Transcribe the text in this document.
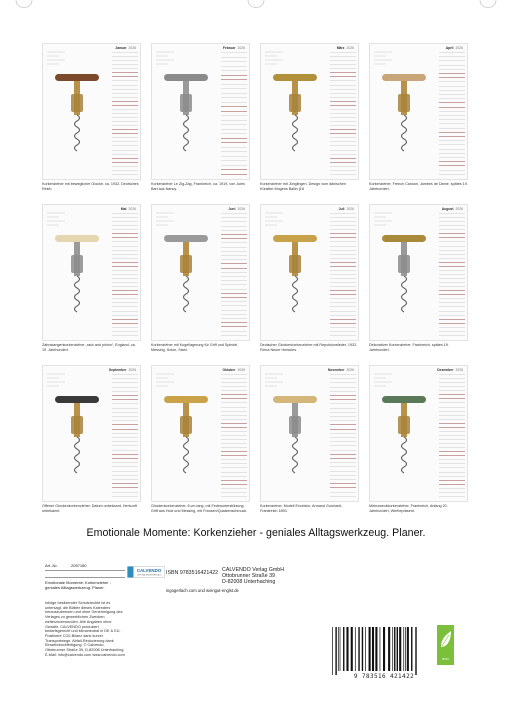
Januar 2026
Korkenzieher mit beweglicher Glocke, ca. 1932, Deutsches Reich.
Februar 2026
Korkenzieher Le Zig-Zag, Frankreich, ca. 1919, von Jules Bart aus Nancy.
März 2026
Korkenzieher mit Jünglingen. Design vom dänischen Künstler Mogens Ballin [18
April 2026
Korkenzieher, French Cancan, Jambes de Dame, spätes 19. Jahrhundert.
Mai 2026
Zahnstangenkorkenzieher „rack and pinion“, England, ca. 19. Jahrhundert.
Juni 2026
Korkenzieher mit Kugellagerung für Griff und Spindel, Messing, Solon, Stahl.
Juli 2026
Deutscher Glockenkorkenzieher mit Repulsionsfeder, 1932, Firma Neuer Herkules.
August 2026
Dekorativer Korkenzieher, Frankreich, spätes 19. Jahrhundert.
September 2026
Offener Glockenkorkenzieher. Datum unbekannt, Herkunft unbekannt.
Oktober 2026
Glockenkorkenzieher, 6 cm lang, mit Federunterstützung, Griff aus Holz und Messing, mit Fransen/Quastenschmuck.
November 2026
Korkenzieher, Modell Excelsior, Armand Guichard, Frankreich 1890.
Dezember 2026
Mehrzweckkorkenzieher, Frankreich, Anfang 20. Jahrhundert, Werbepräsent.
Emotionale Momente: Korkenzieher - geniales Alltagswerkzeug. Planer.
Art.-Nr.	2057180
Emotionale Momente: Korkenzieher - geniales Alltagswerkzeug. Planer.
Infolge besitzender Schutzrechte ist es untersagt, die Blätter dieses Kalenders herauszutrennen und ohne Genehmigung des Verlages zu gewerblichen Zwecken weiterzuverwenden. Alle Angaben ohne Gewähr. CALVENDO produziert bedarfsgerecht und klimaneutral in DE & EU. Positivere CO2-Bilanz dank kurzer Transportwege. Abfall-Reduzierung dank Einwebdruckfertigung. © Calvendo, Ottobrunner Straße 39, D-82008 Unterhaching. E-Mail: info@calvendo.com www.calvendo.com
CALVENDO
DER KALENDERVERLAG ISBN 9783516421422 CALVENDO Verlag GmbH
Ottobrunner Straße 39
D-82008 Unterhaching
ingogerlach.com und weingut-englst.de
9 783516 421422
eco
